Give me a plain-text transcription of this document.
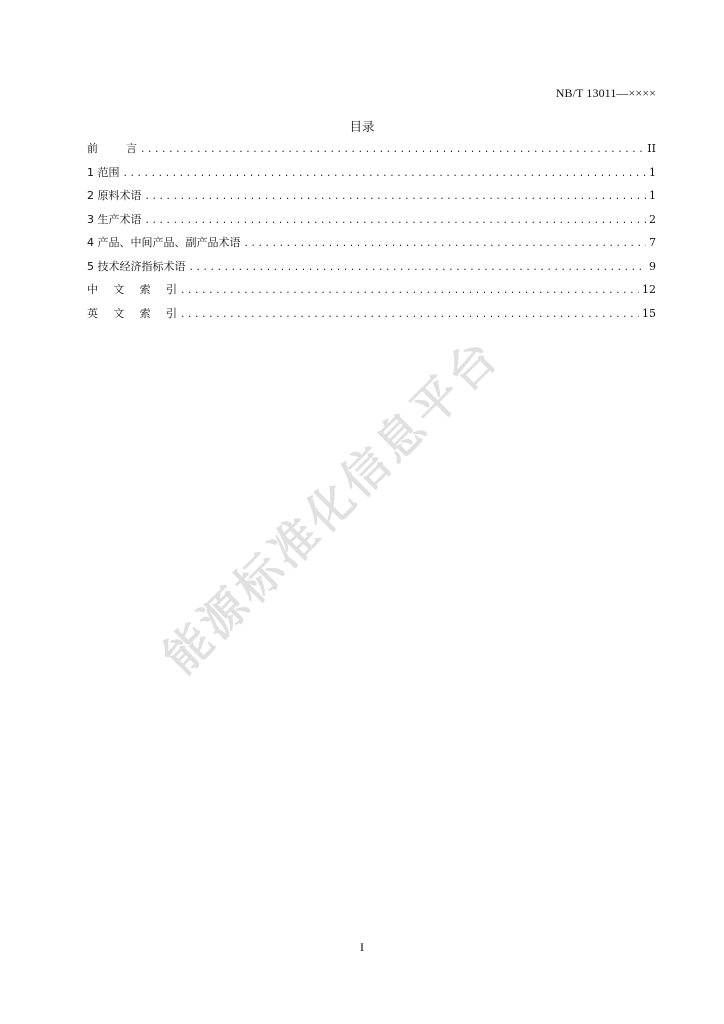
NB/T 13011—××××
目录
前	言 .....	II
1 范围 .....	1
2 原料术语 .....	1
3 生产术语 .....	2
4 产品、中间产品、副产品术语 .....	7
5 技术经济指标术语 .....	9
中 文 索 引 .....	12
英 文 索 引 .....	15
能源标准化信息平台
I
